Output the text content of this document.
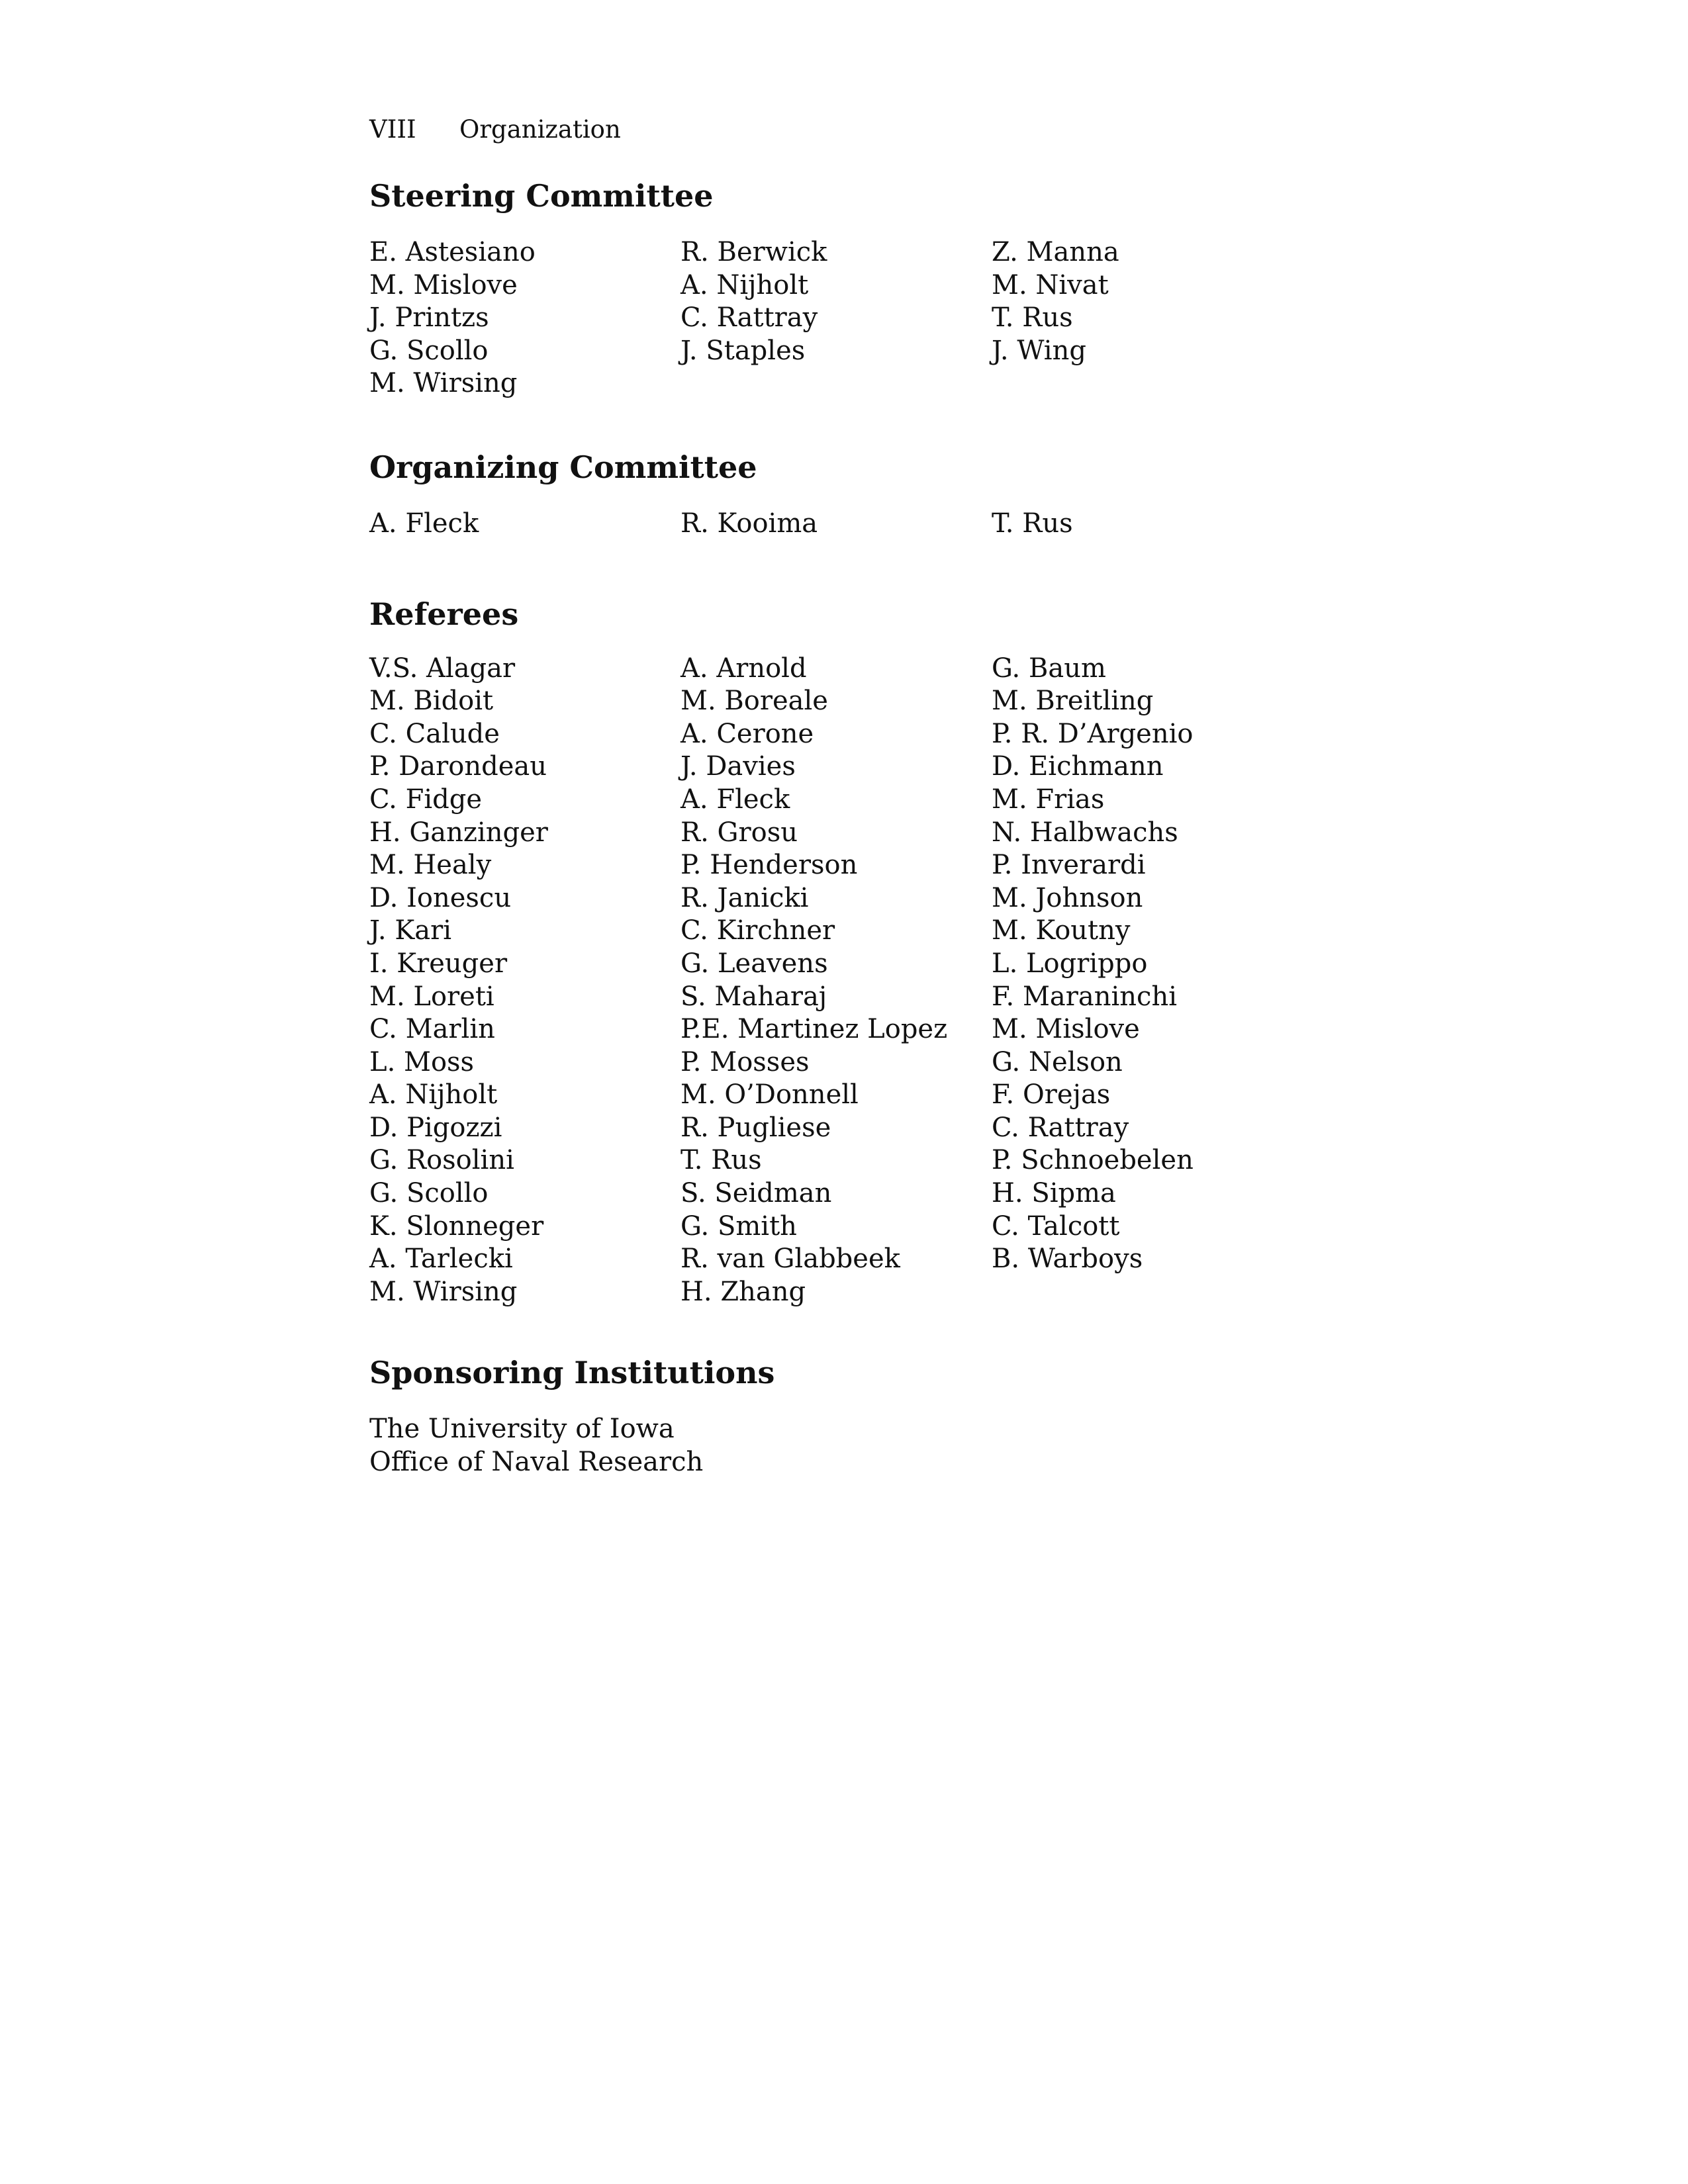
VIII Organization
Steering Committee
E. Astesiano
M. Mislove
J. Printzs
G. Scollo
M. Wirsing
R. Berwick
A. Nijholt
C. Rattray
J. Staples
Z. Manna
M. Nivat
T. Rus
J. Wing
Organizing Committee
A. Fleck	R. Kooima	T. Rus
Referees
V.S. Alagar
M. Bidoit
C. Calude
P. Darondeau
C. Fidge
H. Ganzinger
M. Healy
D. Ionescu
J. Kari
I. Kreuger
M. Loreti
C. Marlin
L. Moss
A. Nijholt
D. Pigozzi
G. Rosolini
G. Scollo
K. Slonneger
A. Tarlecki
M. Wirsing
A. Arnold
M. Boreale
A. Cerone
J. Davies
A. Fleck
R. Grosu
P. Henderson
R. Janicki
C. Kirchner
G. Leavens
S. Maharaj
P.E. Martinez Lopez
P. Mosses
M. O’Donnell
R. Pugliese
T. Rus
S. Seidman
G. Smith
R. van Glabbeek
H. Zhang
G. Baum
M. Breitling
P. R. D’Argenio
D. Eichmann
M. Frias
N. Halbwachs
P. Inverardi
M. Johnson
M. Koutny
L. Logrippo
F. Maraninchi
M. Mislove
G. Nelson
F. Orejas
C. Rattray
P. Schnoebelen
H. Sipma
C. Talcott
B. Warboys
Sponsoring Institutions
The University of Iowa
Office of Naval Research
